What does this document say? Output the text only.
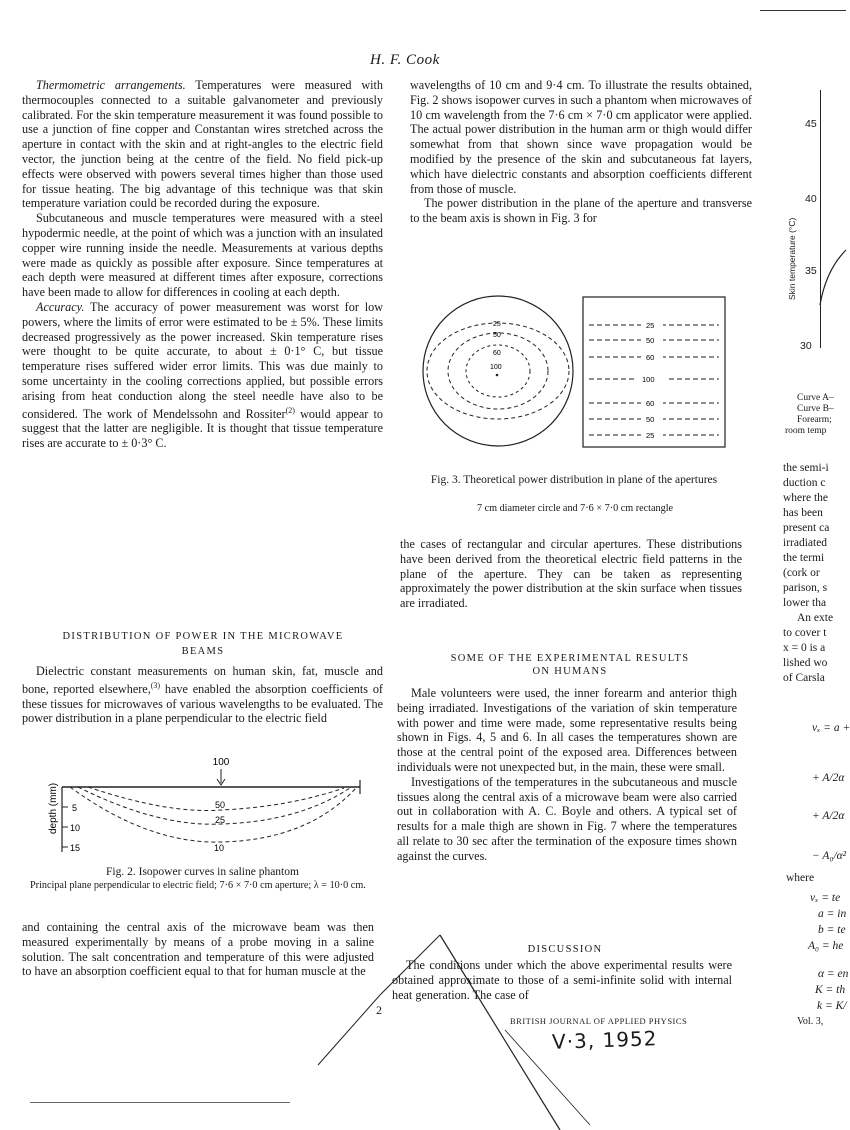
H. F. Cook

Thermometric arrangements. Temperatures were measured with thermocouples connected to a suitable galvanometer and previously calibrated. For the skin temperature measurement it was found possible to use a junction of fine copper and Constantan wires stretched across the aperture in contact with the skin and at right-angles to the electric field vector, the junction being at the centre of the field. No field pick-up effects were observed with powers several times higher than those used for tissue heating. The big advantage of this technique was that skin temperature variation could be recorded during the exposure.

Subcutaneous and muscle temperatures were measured with a steel hypodermic needle, at the point of which was a junction with an insulated copper wire running inside the needle. Measurements at various depths were made as quickly as possible after exposure. Since temperatures at each depth were measured at different times after exposure, corrections have been made to allow for differences in cooling at each depth.

Accuracy. The accuracy of power measurement was worst for low powers, where the limits of error were estimated to be ± 5%. These limits decreased progressively as the power increased. Skin temperature rises were thought to be quite accurate, to about ± 0·1° C, but tissue temperature rises suffered wider error limits. This was due mainly to some uncertainty in the cooling corrections applied, but possible errors arising from heat conduction along the steel needle have also to be considered. The work of Mendelssohn and Rossiter$^{(2)}$ would appear to suggest that the latter are negligible. It is thought that tissue temperature rises are accurate to ± 0·3° C.

DISTRIBUTION OF POWER IN THE MICROWAVE BEAMS

Dielectric constant measurements on human skin, fat, muscle and bone, reported elsewhere,$^{(3)}$ have enabled the absorption coefficients of these tissues for microwaves of various wavelengths to be evaluated. The power distribution in a plane perpendicular to the electric field

100
5
10
15
depth (mm)	50
25
10
Fig. 2. Isopower curves in saline phantom
Principal plane perpendicular to electric field; 7·6 × 7·0 cm aperture; λ = 10·0 cm.

and containing the central axis of the microwave beam was then measured experimentally by means of a probe moving in a saline solution. The salt concentration and temperature of this were adjusted to have an absorption coefficient equal to that for human muscle at the

2

wavelengths of 10 cm and 9·4 cm. To illustrate the results obtained, Fig. 2 shows isopower curves in such a phantom when microwaves of 10 cm wavelength from the 7·6 cm × 7·0 cm applicator were applied. The actual power distribution in the human arm or thigh would differ somewhat from that shown since wave propagation would be modified by the presence of the skin and subcutaneous fat layers, which have dielectric constants and absorption coefficients different from those of muscle.

The power distribution in the plane of the aperture and transverse to the beam axis is shown in Fig. 3 for

25
50
60
100
25
50
60
100
60
50
25
Fig. 3. Theoretical power distribution in plane of the apertures
7 cm diameter circle and 7·6 × 7·0 cm rectangle

the cases of rectangular and circular apertures. These distributions have been derived from the theoretical electric field patterns in the plane of the aperture. They can be taken as representing approximately the power distribution at the skin surface when tissues are irradiated.

SOME OF THE EXPERIMENTAL RESULTS
ON HUMANS

Male volunteers were used, the inner forearm and anterior thigh being irradiated. Investigations of the variation of skin temperature with power and time were made, some representative results being shown in Figs. 4, 5 and 6. In all cases the temperatures shown are those at the central point of the exposed area. Differences between individuals were not unexpected but, in the main, these were small.

Investigations of the temperatures in the subcutaneous and muscle tissues along the central axis of a microwave beam were also carried out in collaboration with A. C. Boyle and others. A typical set of results for a male thigh are shown in Fig. 7 where the temperatures all relate to 30 sec after the termination of the exposure times shown against the curves.

DISCUSSION

The conditions under which the above experimental results were obtained approximate to those of a semi-infinite solid with internal heat generation. The case of

BRITISH JOURNAL OF APPLIED PHYSICS
V·3, 1952
45
40
35
30
Skin temperature (°C)
Curve A–
Curve B–
Forearm;
room temp
the semi-i
duction c
where the
has been
present ca
irradiated
the termi
(cork or
parison, s
lower tha
An exte
to cover t
x = 0 is a
lished wo
of Carsla
vₓ = a +
+ A/2α
+ A/2α
− A₀/α²
where
vₓ = te
a = in
b = te
A₀ = he
α = en
K = th
k = K/
Vol. 3,
